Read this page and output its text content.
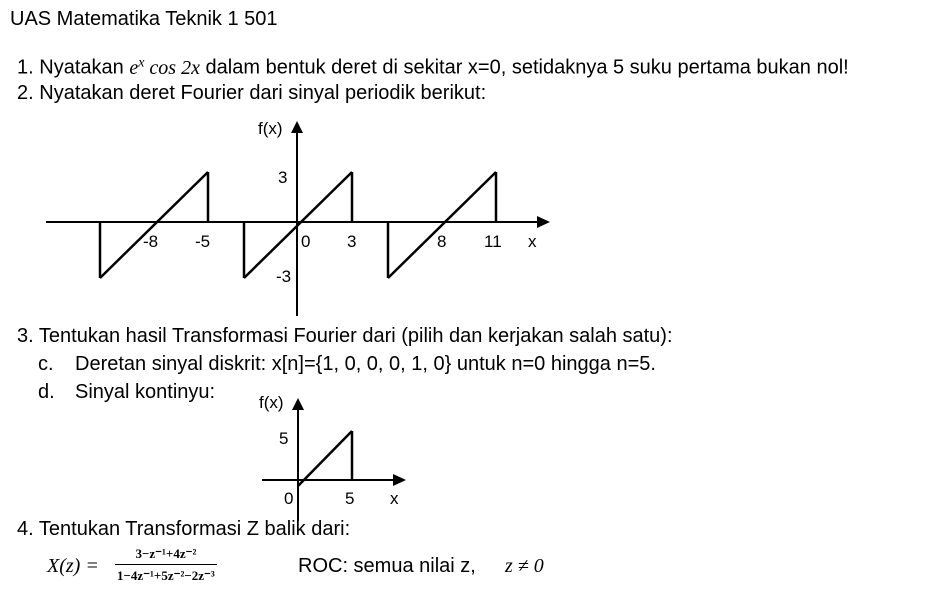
UAS Matematika Teknik 1 501
1. Nyatakan $e^x$ cos 2x dalam bentuk deret di sekitar x=0, setidaknya 5 suku pertama bukan nol!
2. Nyatakan deret Fourier dari sinyal periodik berikut:
f(x)
x
-8 -5	0 3	8 11
3
-3
f(x)
x
0	5
5
3. Tentukan hasil Transformasi Fourier dari (pilih dan kerjakan salah satu):
c. Deretan sinyal diskrit: x[n]={1, 0, 0, 0, 1, 0} untuk n=0 hingga n=5.
d. Sinyal kontinyu:
4. Tentukan Transformasi Z balik dari:
$X(z) = \frac{\text{3−z⁻¹+4z⁻²}}{\text{1−4z⁻¹+5z⁻²−2z⁻³}}$	ROC: semua nilai z, z ≠ 0
